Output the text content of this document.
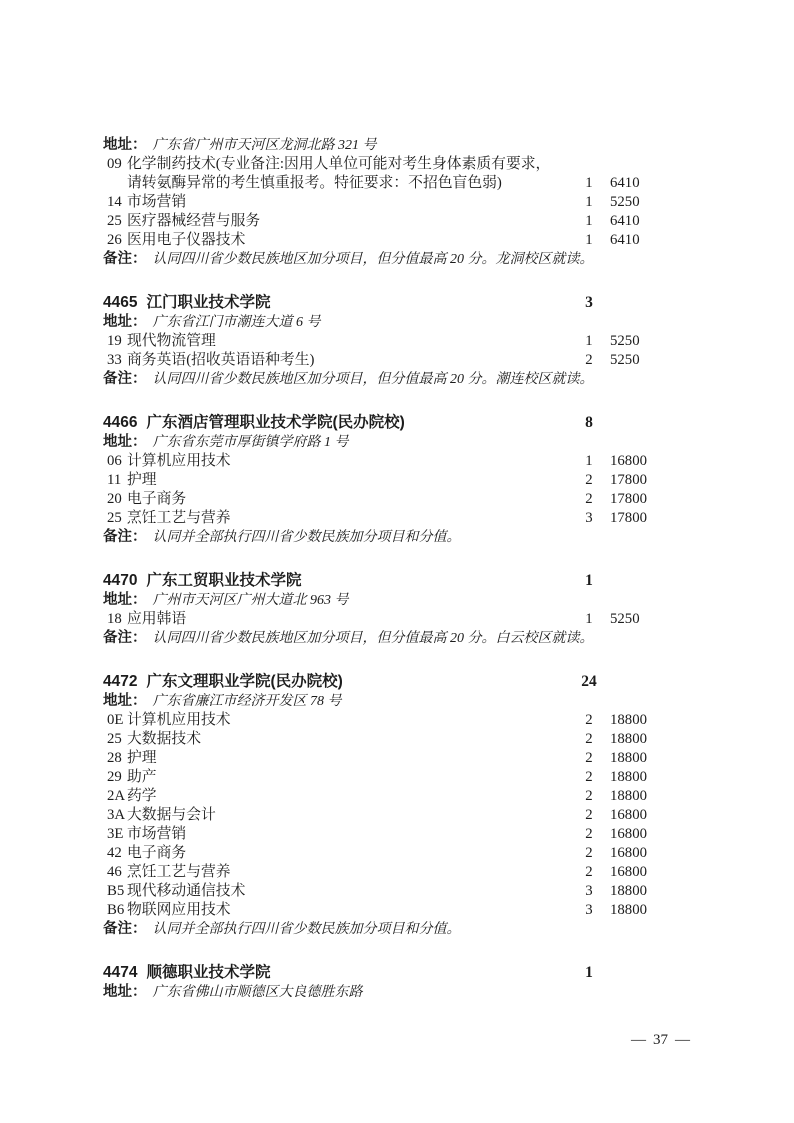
地址： 广东省广州市天河区龙洞北路 321 号
09 化学制药技术(专业备注:因用人单位可能对考生身体素质有要求，
请转氨酶异常的考生慎重报考。特征要求：不招色盲色弱)	1	6410
14 市场营销	1	5250
25 医疗器械经营与服务	1	6410
26 医用电子仪器技术	1	6410
备注： 认同四川省少数民族地区加分项目，但分值最高 20 分。龙洞校区就读。
4465 江门职业技术学院	3
地址： 广东省江门市潮连大道 6 号
19 现代物流管理	1	5250
33 商务英语(招收英语语种考生)	2	5250
备注： 认同四川省少数民族地区加分项目，但分值最高 20 分。潮连校区就读。
4466 广东酒店管理职业技术学院(民办院校)	8
地址： 广东省东莞市厚街镇学府路 1 号
06 计算机应用技术	1	16800
11 护理	2	17800
20 电子商务	2	17800
25 烹饪工艺与营养	3	17800
备注： 认同并全部执行四川省少数民族加分项目和分值。
4470 广东工贸职业技术学院	1
地址： 广州市天河区广州大道北 963 号
18 应用韩语	1	5250
备注： 认同四川省少数民族地区加分项目，但分值最高 20 分。白云校区就读。
4472 广东文理职业学院(民办院校)	24
地址： 广东省廉江市经济开发区 78 号
0E 计算机应用技术	2	18800
25 大数据技术	2	18800
28 护理	2	18800
29 助产	2	18800
2A 药学	2	18800
3A 大数据与会计	2	16800
3E 市场营销	2	16800
42 电子商务	2	16800
46 烹饪工艺与营养	2	16800
B5 现代移动通信技术	3	18800
B6 物联网应用技术	3	18800
备注： 认同并全部执行四川省少数民族加分项目和分值。
4474 顺德职业技术学院	1
地址： 广东省佛山市顺德区大良德胜东路
— 37 —
